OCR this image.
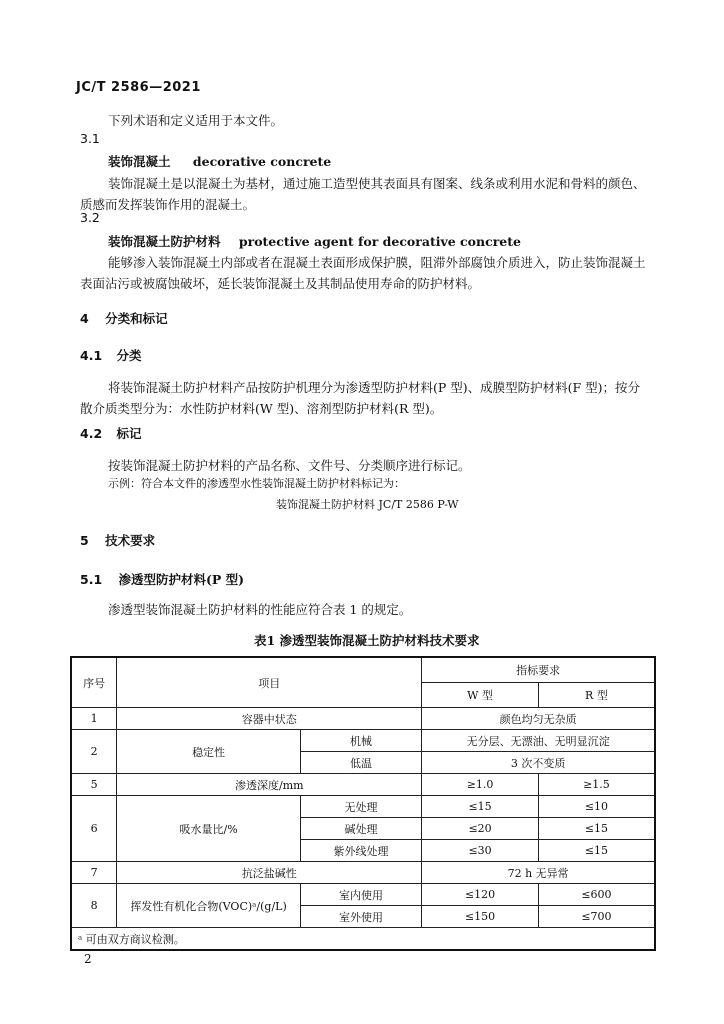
JC/T 2586—2021
下列术语和定义适用于本文件。
3.1
装饰混凝土 decorative concrete
装饰混凝土是以混凝土为基材，通过施工造型使其表面具有图案、线条或利用水泥和骨料的颜色、
质感而发挥装饰作用的混凝土。
3.2
装饰混凝土防护材料 protective agent for decorative concrete
能够渗入装饰混凝土内部或者在混凝土表面形成保护膜，阻滞外部腐蚀介质进入，防止装饰混凝土
表面沾污或被腐蚀破坏，延长装饰混凝土及其制品使用寿命的防护材料。
4 分类和标记
4.1 分类
将装饰混凝土防护材料产品按防护机理分为渗透型防护材料(P 型)、成膜型防护材料(F 型)；按分
散介质类型分为：水性防护材料(W 型)、溶剂型防护材料(R 型)。
4.2 标记
按装饰混凝土防护材料的产品名称、文件号、分类顺序进行标记。
示例：符合本文件的渗透型水性装饰混凝土防护材料标记为：
装饰混凝土防护材料 JC/T 2586 P-W
5 技术要求
5.1 渗透型防护材料(P 型)
渗透型装饰混凝土防护材料的性能应符合表 1 的规定。
表1 渗透型装饰混凝土防护材料技术要求
序号	项目		指标要求	
			W 型	R 型
1	容器中状态		颜色均匀无杂质	
2	稳定性	机械	无分层、无漂油、无明显沉淀	
		低温	3 次不变质	
5	渗透深度/mm		≥1.0	≥1.5
6	吸水量比/%	无处理	≤15	≤10
		碱处理	≤20	≤15
		紫外线处理	≤30	≤15
7	抗泛盐碱性		72 h 无异常	
8	挥发性有机化合物(VOC)ᵃ/(g/L)	室内使用	≤120	≤600
		室外使用	≤150	≤700
ᵃ 可由双方商议检测。				
2
